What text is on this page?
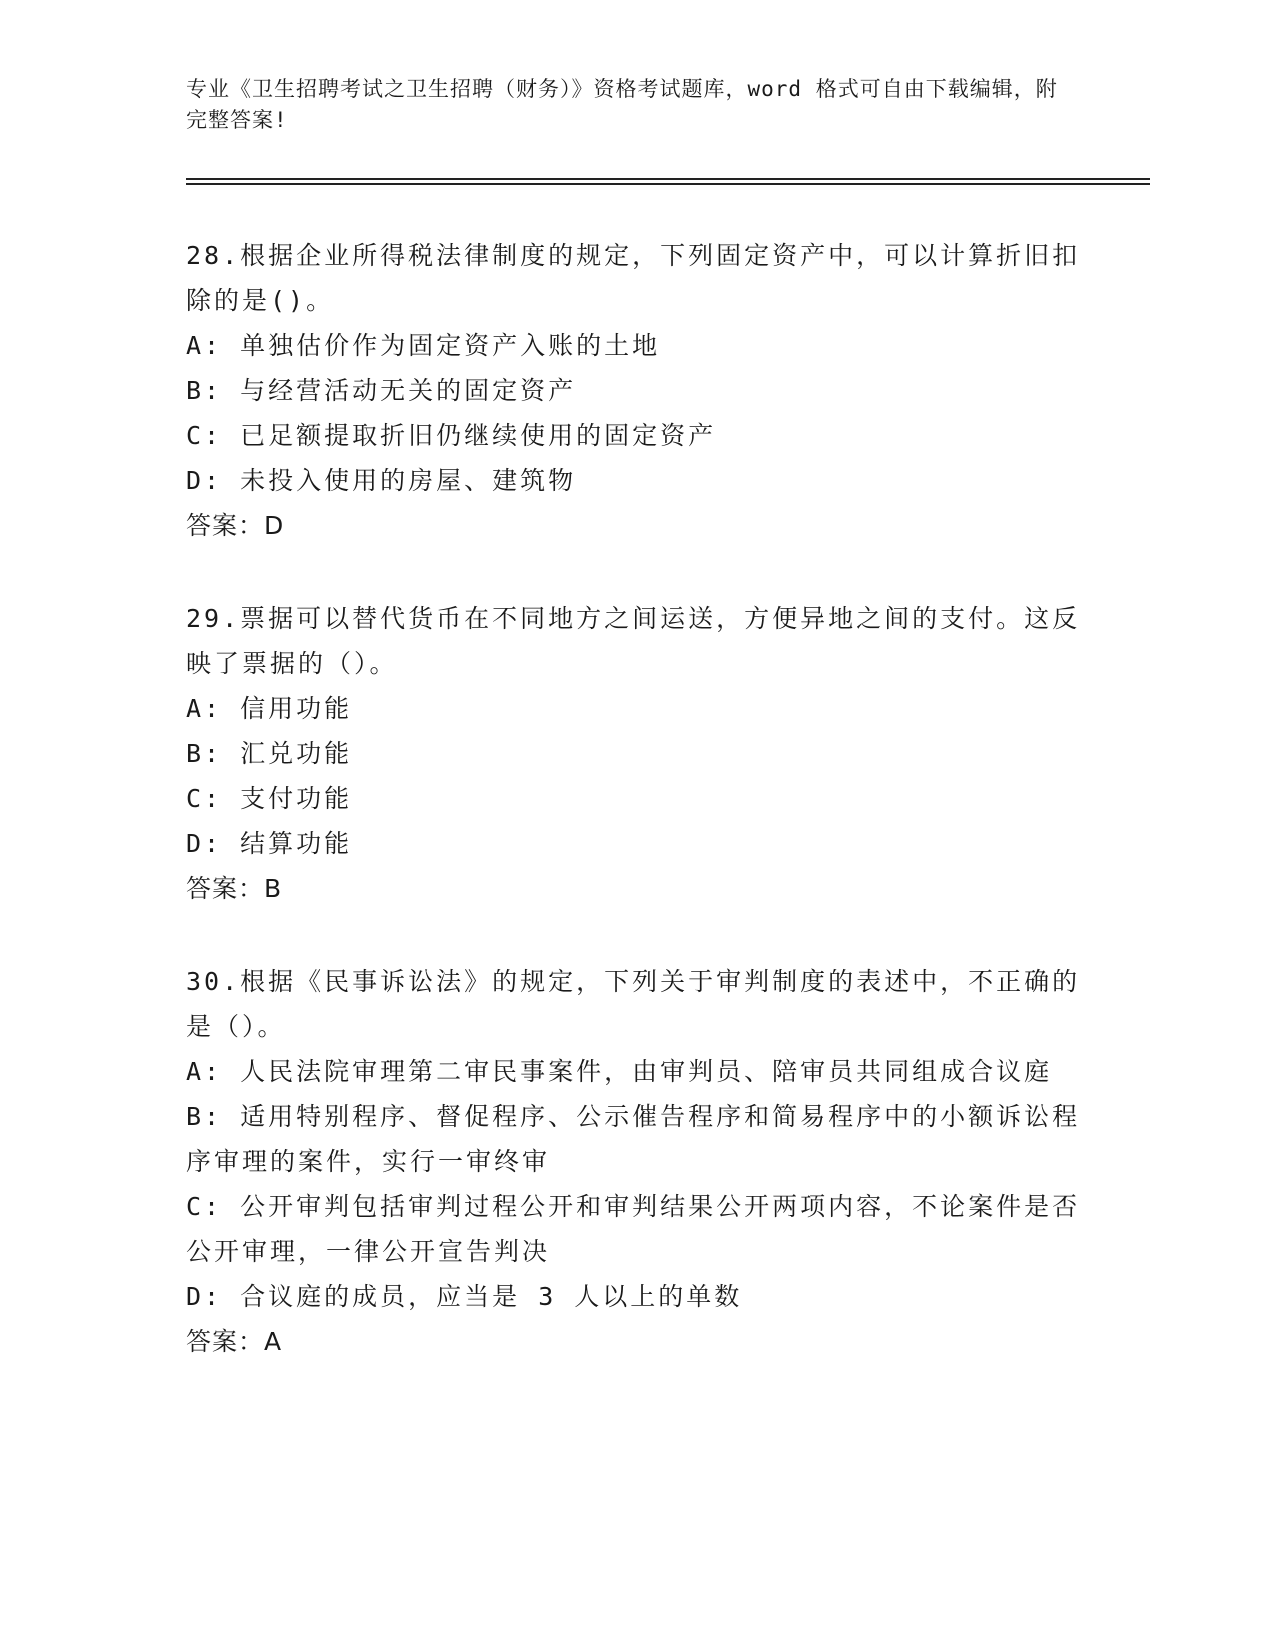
专业《卫生招聘考试之卫生招聘（财务）》资格考试题库，word 格式可自由下载编辑，附完整答案!

28.根据企业所得税法律制度的规定，下列固定资产中，可以计算折旧扣除的是()。

A: 单独估价作为固定资产入账的土地

B: 与经营活动无关的固定资产

C: 已足额提取折旧仍继续使用的固定资产

D: 未投入使用的房屋、建筑物

答案：D

29.票据可以替代货币在不同地方之间运送，方便异地之间的支付。这反映了票据的（）。

A: 信用功能

B: 汇兑功能

C: 支付功能

D: 结算功能

答案：B

30.根据《民事诉讼法》的规定，下列关于审判制度的表述中，不正确的是（）。

A: 人民法院审理第二审民事案件，由审判员、陪审员共同组成合议庭

B: 适用特别程序、督促程序、公示催告程序和简易程序中的小额诉讼程序审理的案件，实行一审终审

C: 公开审判包括审判过程公开和审判结果公开两项内容，不论案件是否公开审理，一律公开宣告判决

D: 合议庭的成员，应当是 3 人以上的单数

答案：A
